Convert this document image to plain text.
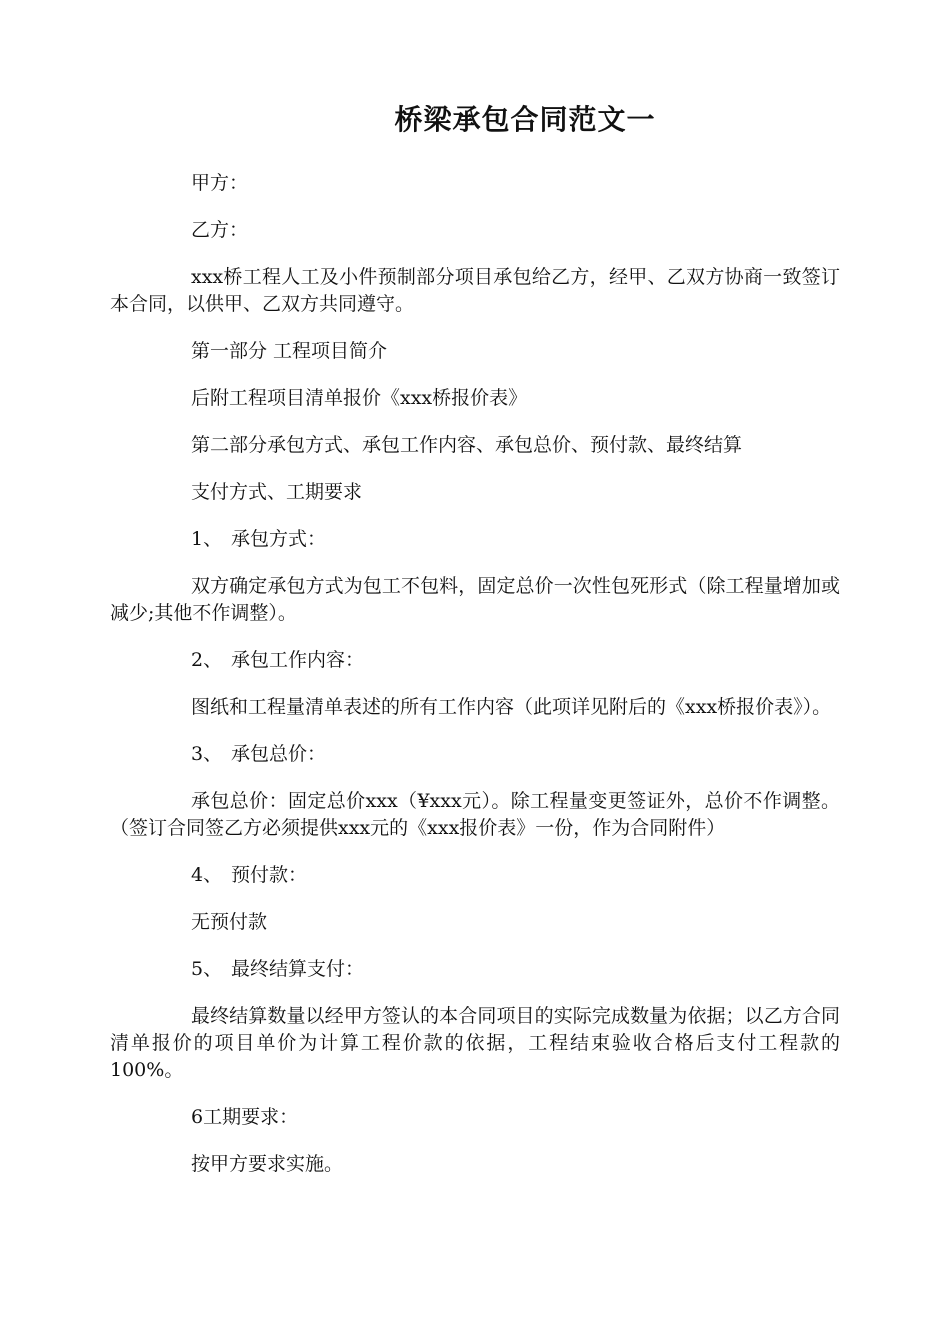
桥梁承包合同范文一

甲方：

乙方：

xxx桥工程人工及小件预制部分项目承包给乙方，经甲、乙双方协商一致签订本合同，以供甲、乙双方共同遵守。

第一部分 工程项目简介

后附工程项目清单报价《xxx桥报价表》

第二部分承包方式、承包工作内容、承包总价、预付款、最终结算

支付方式、工期要求

1、 承包方式：

双方确定承包方式为包工不包料，固定总价一次性包死形式（除工程量增加或减少;其他不作调整）。

2、 承包工作内容：

图纸和工程量清单表述的所有工作内容（此项详见附后的《xxx桥报价表》）。

3、 承包总价：

承包总价：固定总价xxx（¥xxx元）。除工程量变更签证外，总价不作调整。（签订合同签乙方必须提供xxx元的《xxx报价表》一份，作为合同附件）

4、 预付款：

无预付款

5、 最终结算支付：

最终结算数量以经甲方签认的本合同项目的实际完成数量为依据；以乙方合同清单报价的项目单价为计算工程价款的依据，工程结束验收合格后支付工程款的 100%。

6工期要求：

按甲方要求实施。
